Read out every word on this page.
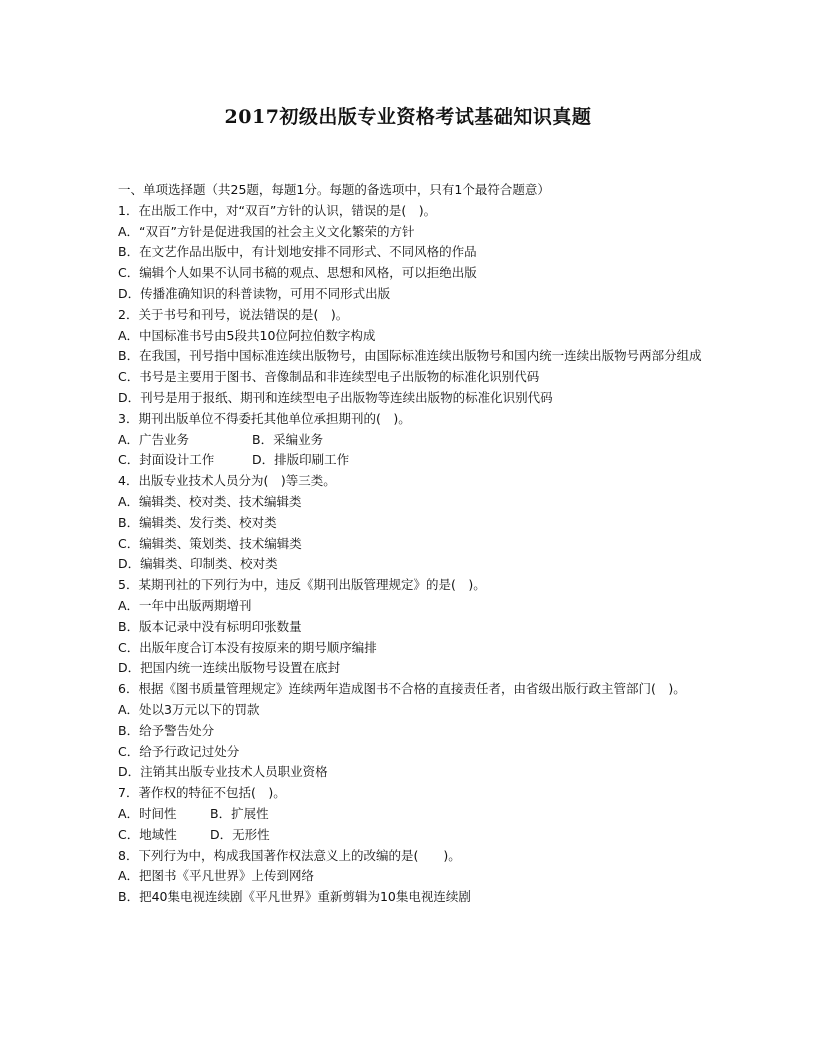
2017初级出版专业资格考试基础知识真题
一、单项选择题（共25题，每题1分。每题的备选项中，只有1个最符合题意）
1．在出版工作中，对“双百”方针的认识，错误的是(　)。
A．“双百”方针是促进我国的社会主义文化繁荣的方针
B．在文艺作品出版中，有计划地安排不同形式、不同风格的作品
C．编辑个人如果不认同书稿的观点、思想和风格，可以拒绝出版
D．传播准确知识的科普读物，可用不同形式出版
2．关于书号和刊号，说法错误的是(　)。
A．中国标准书号由5段共10位阿拉伯数字构成
B．在我国，刊号指中国标准连续出版物号，由国际标准连续出版物号和国内统一连续出版物号两部分组成
C．书号是主要用于图书、音像制品和非连续型电子出版物的标准化识别代码
D．刊号是用于报纸、期刊和连续型电子出版物等连续出版物的标准化识别代码
3．期刊出版单位不得委托其他单位承担期刊的(　)。
A．广告业务	B．采编业务
C．封面设计工作	D．排版印刷工作
4．出版专业技术人员分为(　)等三类。
A．编辑类、校对类、技术编辑类
B．编辑类、发行类、校对类
C．编辑类、策划类、技术编辑类
D．编辑类、印制类、校对类
5．某期刊社的下列行为中，违反《期刊出版管理规定》的是(　)。
A．一年中出版两期增刊
B．版本记录中没有标明印张数量
C．出版年度合订本没有按原来的期号顺序编排
D．把国内统一连续出版物号设置在底封
6．根据《图书质量管理规定》连续两年造成图书不合格的直接责任者，由省级出版行政主管部门(　)。
A．处以3万元以下的罚款
B．给予警告处分
C．给予行政记过处分
D．注销其出版专业技术人员职业资格
7．著作权的特征不包括(　)。
A．时间性	B．扩展性
C．地域性	D．无形性
8．下列行为中，构成我国著作权法意义上的改编的是(　　)。
A．把图书《平凡世界》上传到网络
B．把40集电视连续剧《平凡世界》重新剪辑为10集电视连续剧
